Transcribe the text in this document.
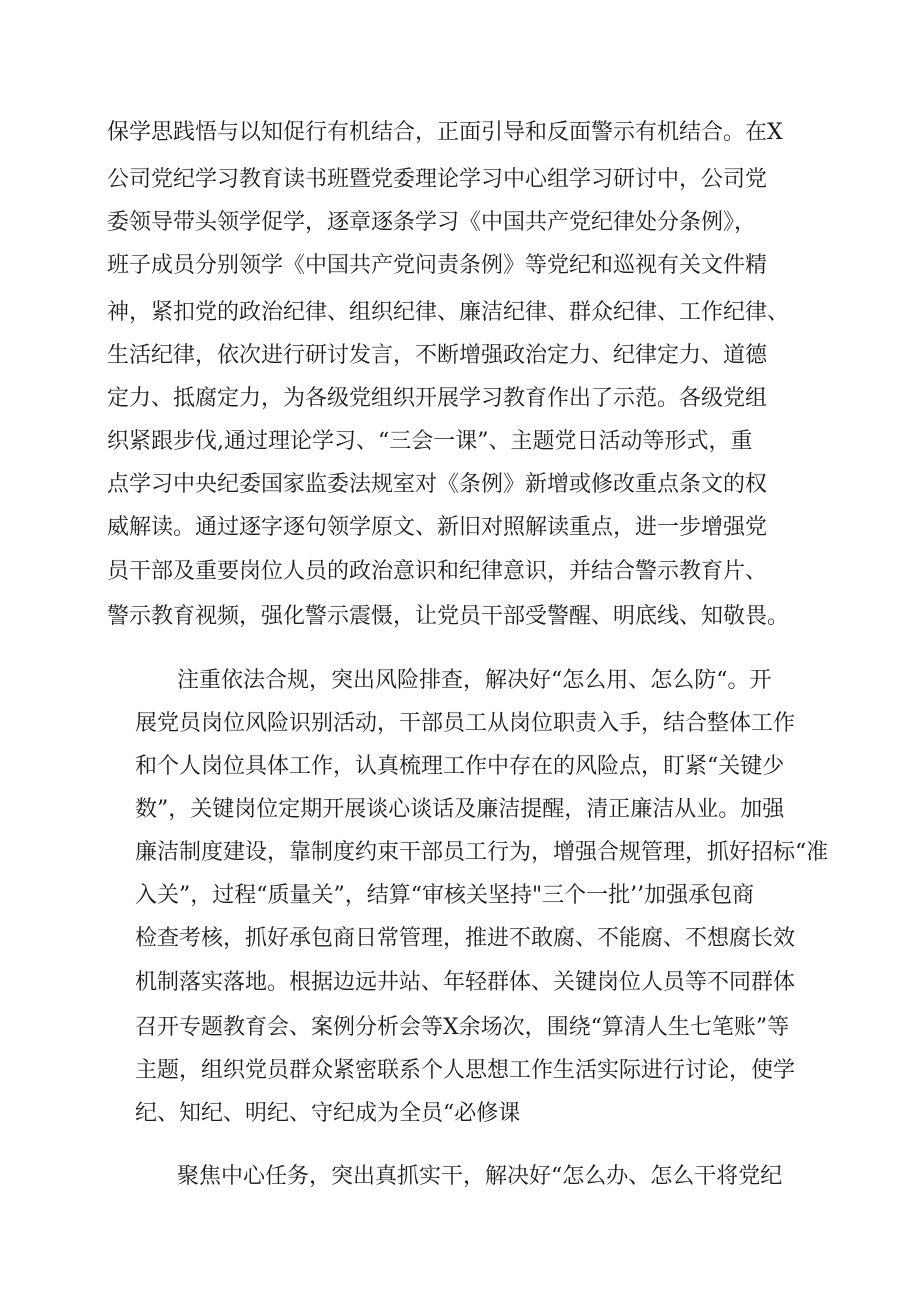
保学思践悟与以知促行有机结合，正面引导和反面警示有机结合。在X
公司党纪学习教育读书班暨党委理论学习中心组学习研讨中，公司党
委领导带头领学促学，逐章逐条学习《中国共产党纪律处分条例》，
班子成员分别领学《中国共产党问责条例》等党纪和巡视有关文件精
神，紧扣党的政治纪律、组织纪律、廉洁纪律、群众纪律、工作纪律、
生活纪律，依次进行研讨发言，不断增强政治定力、纪律定力、道德
定力、抵腐定力，为各级党组织开展学习教育作出了示范。各级党组
织紧跟步伐,通过理论学习、“三会一课”、主题党日活动等形式，重
点学习中央纪委国家监委法规室对《条例》新增或修改重点条文的权
威解读。通过逐字逐句领学原文、新旧对照解读重点，进一步增强党
员干部及重要岗位人员的政治意识和纪律意识，并结合警示教育片、
警示教育视频，强化警示震慑，让党员干部受警醒、明底线、知敬畏。
注重依法合规，突出风险排查，解决好“怎么用、怎么防“。开
展党员岗位风险识别活动，干部员工从岗位职责入手，结合整体工作
和个人岗位具体工作，认真梳理工作中存在的风险点，盯紧“关键少
数”，关键岗位定期开展谈心谈话及廉洁提醒，清正廉洁从业。加强
廉洁制度建设，靠制度约束干部员工行为，增强合规管理，抓好招标“准
入关”，过程“质量关”，结算“审核关坚持"三个一批’’加强承包商
检查考核，抓好承包商日常管理，推进不敢腐、不能腐、不想腐长效
机制落实落地。根据边远井站、年轻群体、关键岗位人员等不同群体
召开专题教育会、案例分析会等X余场次，围绕“算清人生七笔账”等
主题，组织党员群众紧密联系个人思想工作生活实际进行讨论，使学
纪、知纪、明纪、守纪成为全员“必修课
聚焦中心任务，突出真抓实干，解决好“怎么办、怎么干将党纪
